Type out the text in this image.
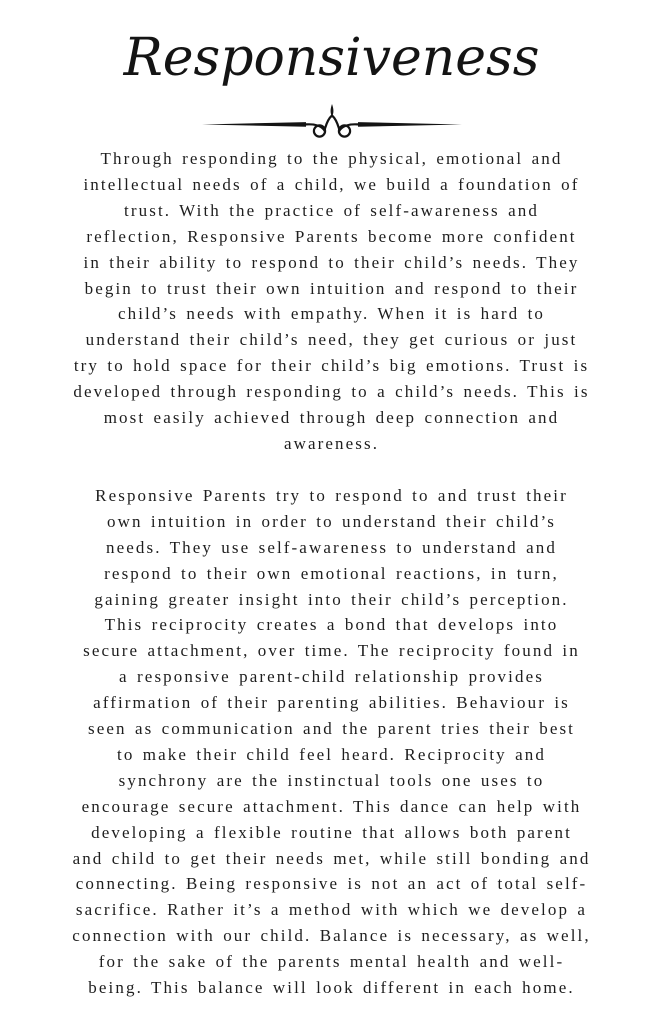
Responsiveness
Through responding to the physical, emotional and
intellectual needs of a child, we build a foundation of
trust. With the practice of self-awareness and
reflection, Responsive Parents become more confident
in their ability to respond to their child’s needs. They
begin to trust their own intuition and respond to their
child’s needs with empathy. When it is hard to
understand their child’s need, they get curious or just
try to hold space for their child’s big emotions. Trust is
developed through responding to a child’s needs. This is
most easily achieved through deep connection and
awareness.
Responsive Parents try to respond to and trust their
own intuition in order to understand their child’s
needs. They use self-awareness to understand and
respond to their own emotional reactions, in turn,
gaining greater insight into their child’s perception.
This reciprocity creates a bond that develops into
secure attachment, over time. The reciprocity found in
a responsive parent-child relationship provides
affirmation of their parenting abilities. Behaviour is
seen as communication and the parent tries their best
to make their child feel heard. Reciprocity and
synchrony are the instinctual tools one uses to
encourage secure attachment. This dance can help with
developing a flexible routine that allows both parent
and child to get their needs met, while still bonding and
connecting. Being responsive is not an act of total self-
sacrifice. Rather it’s a method with which we develop a
connection with our child. Balance is necessary, as well,
for the sake of the parents mental health and well-
being. This balance will look different in each home.
